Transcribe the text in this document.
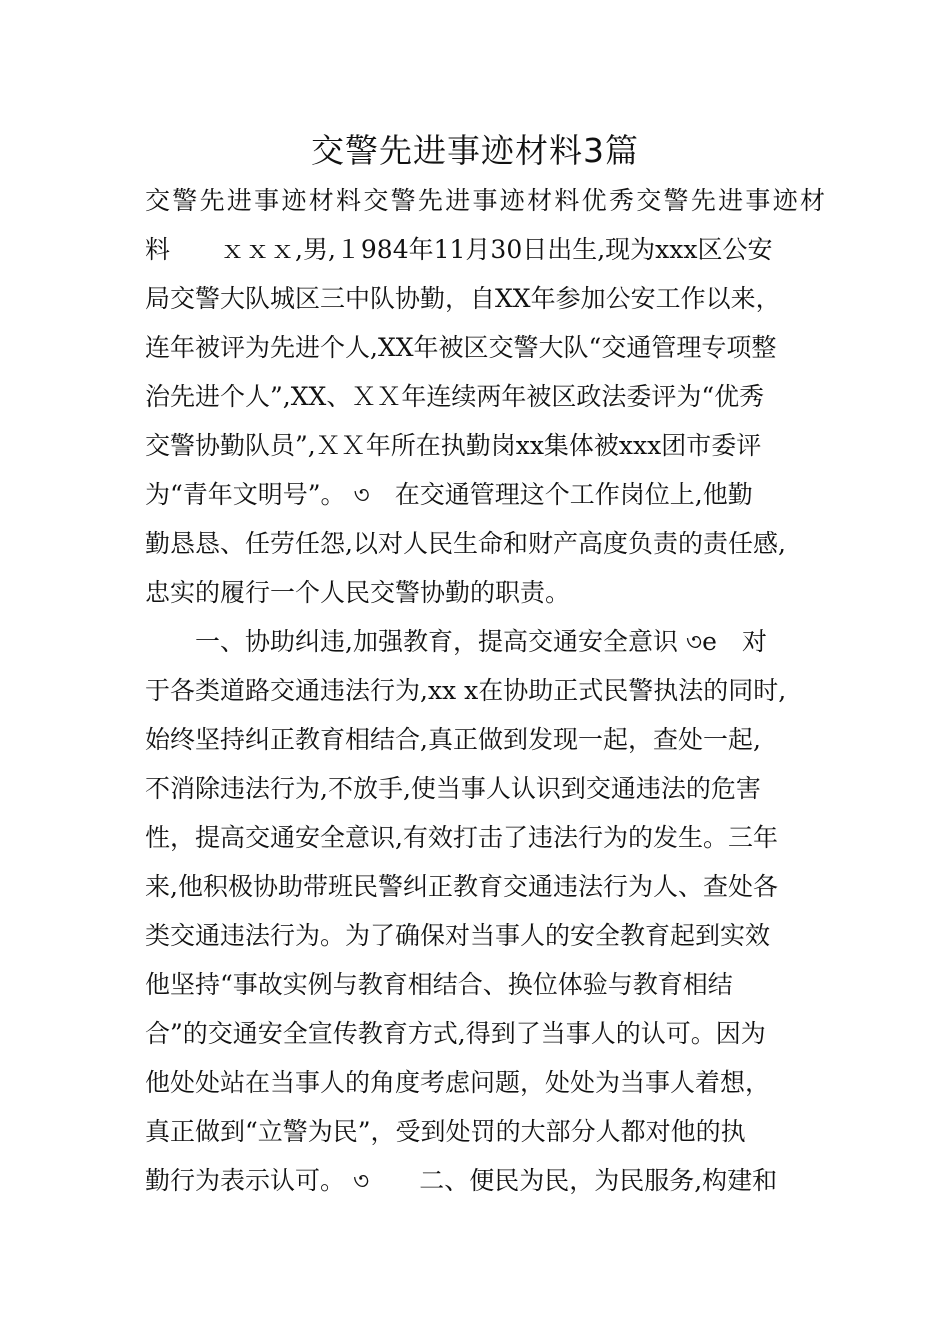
交警先进事迹材料3篇
交警先进事迹材料交警先进事迹材料优秀交警先进事迹材
料　　ｘｘｘ,男,１984年11月30日出生,现为xxx区公安
局交警大队城区三中队协勤，自XX年参加公安工作以来，
连年被评为先进个人,XX年被区交警大队“交通管理专项整
治先进个人”,XX、ＸＸ年连续两年被区政法委评为“优秀
交警协勤队员”,ＸＸ年所在执勤岗xx集体被xxx团市委评
为“青年文明号”。 ৩　在交通管理这个工作岗位上,他勤
勤恳恳、任劳任怨,以对人民生命和财产高度负责的责任感,
忠实的履行一个人民交警协勤的职责。
一、协助纠违,加强教育，提高交通安全意识 ৩e　对
于各类道路交通违法行为,xx x在协助正式民警执法的同时,
始终坚持纠正教育相结合,真正做到发现一起，查处一起,
不消除违法行为,不放手,使当事人认识到交通违法的危害
性，提高交通安全意识,有效打击了违法行为的发生。三年
来,他积极协助带班民警纠正教育交通违法行为人、查处各
类交通违法行为。为了确保对当事人的安全教育起到实效
他坚持“事故实例与教育相结合、换位体验与教育相结
合”的交通安全宣传教育方式,得到了当事人的认可。因为
他处处站在当事人的角度考虑问题，处处为当事人着想，
真正做到“立警为民”，受到处罚的大部分人都对他的执
勤行为表示认可。 ৩　　二、便民为民，为民服务,构建和
